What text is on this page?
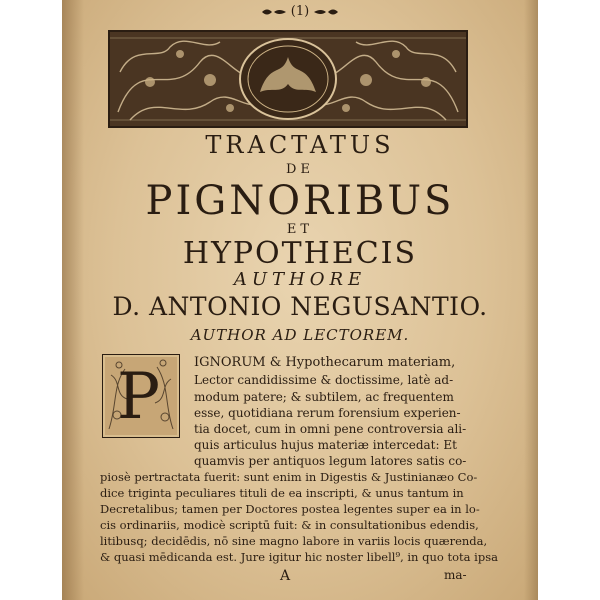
(1)
TRACTATUS
DE
PIGNORIBUS
ET
HYPOTHECIS
AUTHORE
D. ANTONIO NEGUSANTIO.
AUTHOR AD LECTOREM.
P	IGNORUM & Hypothecarum materiam,
Lector candidissime & doctissime, latè ad-
modum patere; & subtilem, ac frequentem
esse, quotidiana rerum forensium experien-
tia docet, cum in omni pene controversia ali-
quis articulus hujus materiæ intercedat: Et
quamvis per antiquos legum latores satis co-
piosè pertractata fuerit: sunt enim in Digestis & Justinianæo Co-
dice triginta peculiares tituli de ea inscripti, & unus tantum in
Decretalibus; tamen per Doctores postea legentes super ea in lo-
cis ordinariis, modicè scriptū fuit: & in consultationibus edendis,
litibusq; decidēdis, nō sine magno labore in variis locis quærenda,
& quasi mēdicanda est. Jure igitur hic noster libell⁹, in quo tota ipsa
A	ma-
